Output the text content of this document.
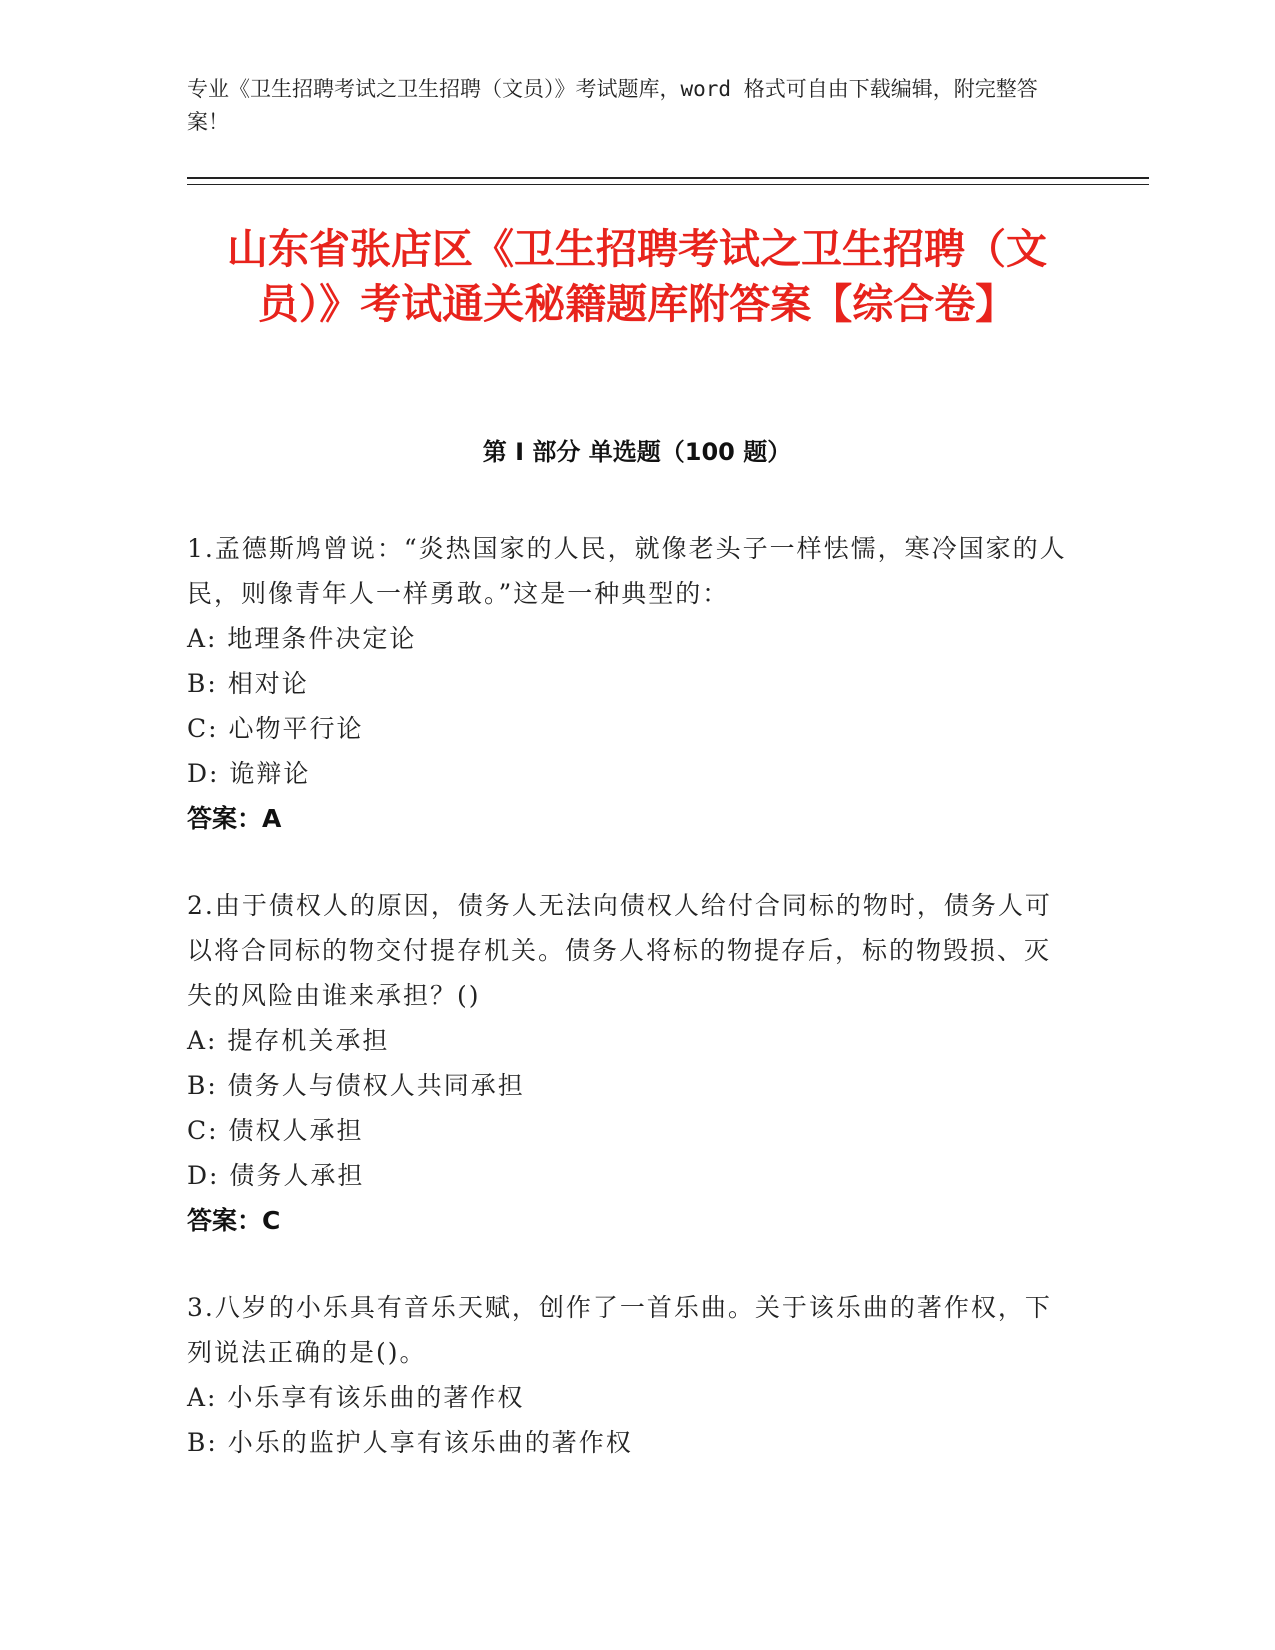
专业《卫生招聘考试之卫生招聘（文员）》考试题库，word 格式可自由下载编辑，附完整答案！
山东省张店区《卫生招聘考试之卫生招聘（文员）》考试通关秘籍题库附答案【综合卷】
第 I 部分 单选题（100 题）
1.孟德斯鸠曾说：“炎热国家的人民，就像老头子一样怯懦，寒冷国家的人民，则像青年人一样勇敢。”这是一种典型的：
A: 地理条件决定论
B: 相对论
C: 心物平行论
D: 诡辩论
答案：A
2.由于债权人的原因，债务人无法向债权人给付合同标的物时，债务人可以将合同标的物交付提存机关。债务人将标的物提存后，标的物毁损、灭失的风险由谁来承担？()
A: 提存机关承担
B: 债务人与债权人共同承担
C: 债权人承担
D: 债务人承担
答案：C
3.八岁的小乐具有音乐天赋，创作了一首乐曲。关于该乐曲的著作权，下列说法正确的是()。
A: 小乐享有该乐曲的著作权
B: 小乐的监护人享有该乐曲的著作权
